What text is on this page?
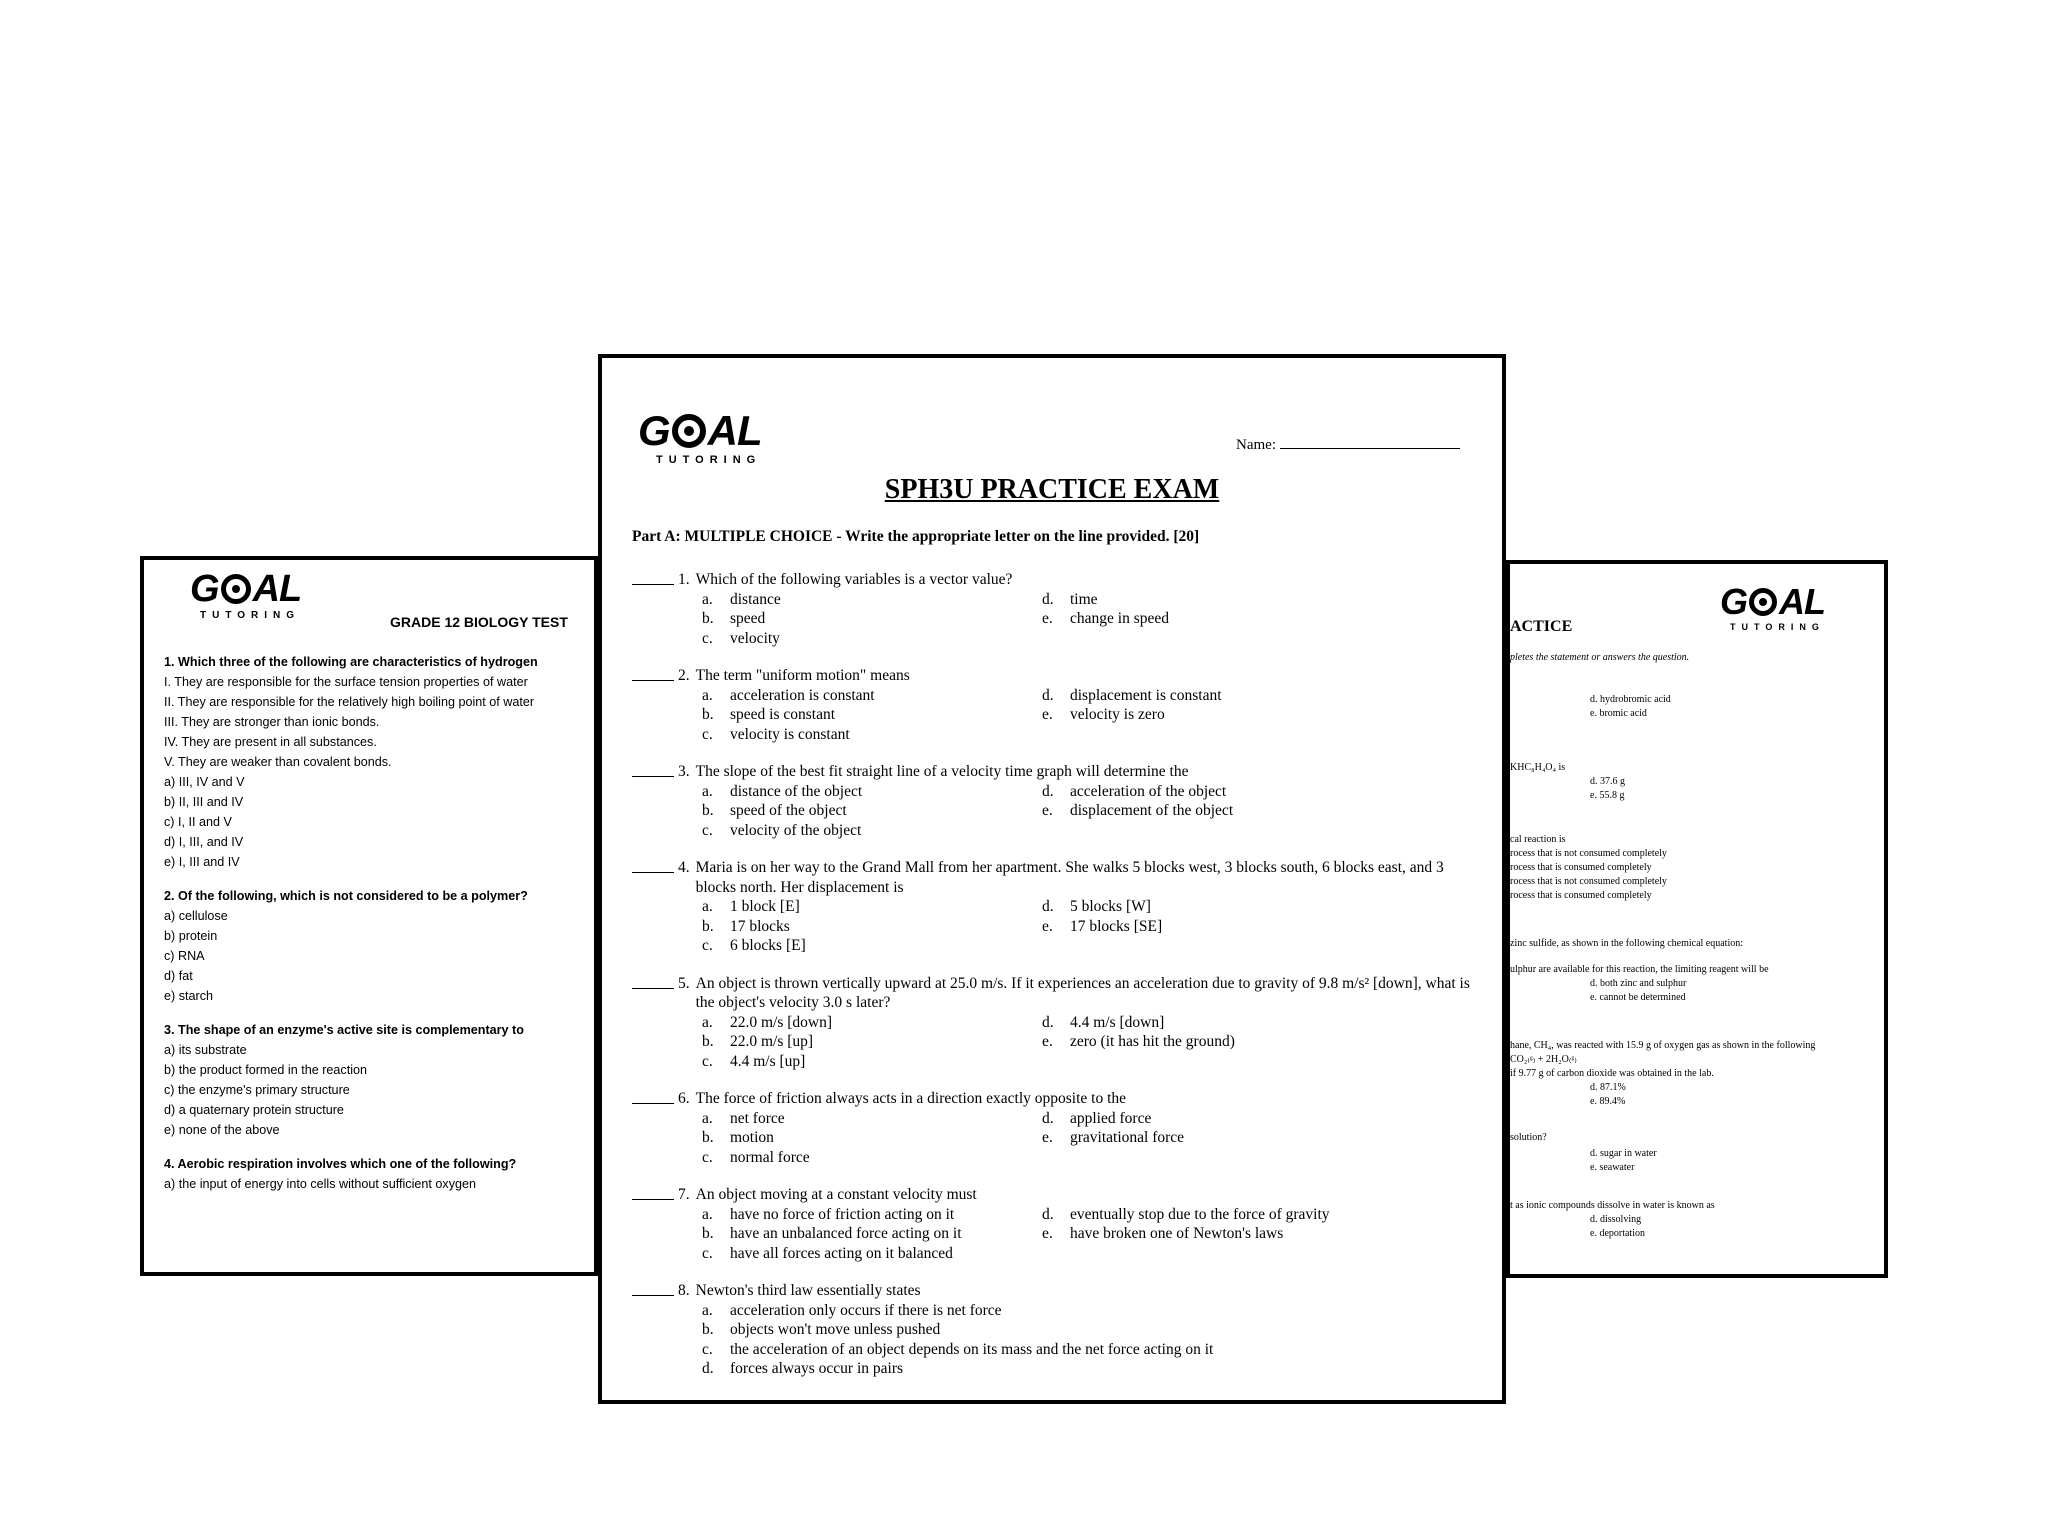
G AL
TUTORING	GRADE 12 BIOLOGY TEST
1. Which three of the following are characteristics of hydrogen
I. They are responsible for the surface tension properties of water
II. They are responsible for the relatively high boiling point of water
III. They are stronger than ionic bonds.
IV. They are present in all substances.
V. They are weaker than covalent bonds.
a) III, IV and V
b) II, III and IV
c) I, II and V
d) I, III, and IV
e) I, III and IV
2. Of the following, which is not considered to be a polymer?
a) cellulose
b) protein
c) RNA
d) fat
e) starch
3. The shape of an enzyme's active site is complementary to
a) its substrate
b) the product formed in the reaction
c) the enzyme's primary structure
d) a quaternary protein structure
e) none of the above
4. Aerobic respiration involves which one of the following?
a) the input of energy into cells without sufficient oxygen
ACTICE
pletes the statement or answers the question.
G AL
TUTORING
d. hydrobromic acid
e. bromic acid
KHC₈H₄O₄ is
d. 37.6 g
e. 55.8 g
cal reaction is
rocess that is not consumed completely
rocess that is consumed completely
rocess that is not consumed completely
rocess that is consumed completely
zinc sulfide, as shown in the following chemical equation:
ulphur are available for this reaction, the limiting reagent will be
d. both zinc and sulphur
e. cannot be determined
hane, CH₄, was reacted with 15.9 g of oxygen gas as shown in the following
CO₂₍ᵍ₎ + 2H₂O₍ᵍ₎
if 9.77 g of carbon dioxide was obtained in the lab.
d. 87.1%
e. 89.4%
solution?
d. sugar in water
e. seawater
t as ionic compounds dissolve in water is known as
d. dissolving
e. deportation
G AL
TUTORING
Name:
SPH3U PRACTICE EXAM
Part A: MULTIPLE CHOICE - Write the appropriate letter on the line provided. [20]
1. Which of the following variables is a vector value?
a. distance	d. time
b. speed	e. change in speed
c. velocity
2. The term "uniform motion" means
a. acceleration is constant	d. displacement is constant
b. speed is constant	e. velocity is zero
c. velocity is constant
3. The slope of the best fit straight line of a velocity time graph will determine the
a. distance of the object	d. acceleration of the object
b. speed of the object	e. displacement of the object
c. velocity of the object
4. Maria is on her way to the Grand Mall from her apartment. She walks 5 blocks west, 3 blocks south, 6 blocks east, and 3 blocks north. Her displacement is
a. 1 block [E]	d. 5 blocks [W]
b. 17 blocks	e. 17 blocks [SE]
c. 6 blocks [E]
5. An object is thrown vertically upward at 25.0 m/s. If it experiences an acceleration due to gravity of 9.8 m/s² [down], what is the object's velocity 3.0 s later?
a. 22.0 m/s [down]	d. 4.4 m/s [down]
b. 22.0 m/s [up]	e. zero (it has hit the ground)
c. 4.4 m/s [up]
6. The force of friction always acts in a direction exactly opposite to the
a. net force	d. applied force
b. motion	e. gravitational force
c. normal force
7. An object moving at a constant velocity must
a. have no force of friction acting on it	d. eventually stop due to the force of gravity
b. have an unbalanced force acting on it	e. have broken one of Newton's laws
c. have all forces acting on it balanced
8. Newton's third law essentially states
a. acceleration only occurs if there is net force
b. objects won't move unless pushed
c. the acceleration of an object depends on its mass and the net force acting on it
d. forces always occur in pairs
